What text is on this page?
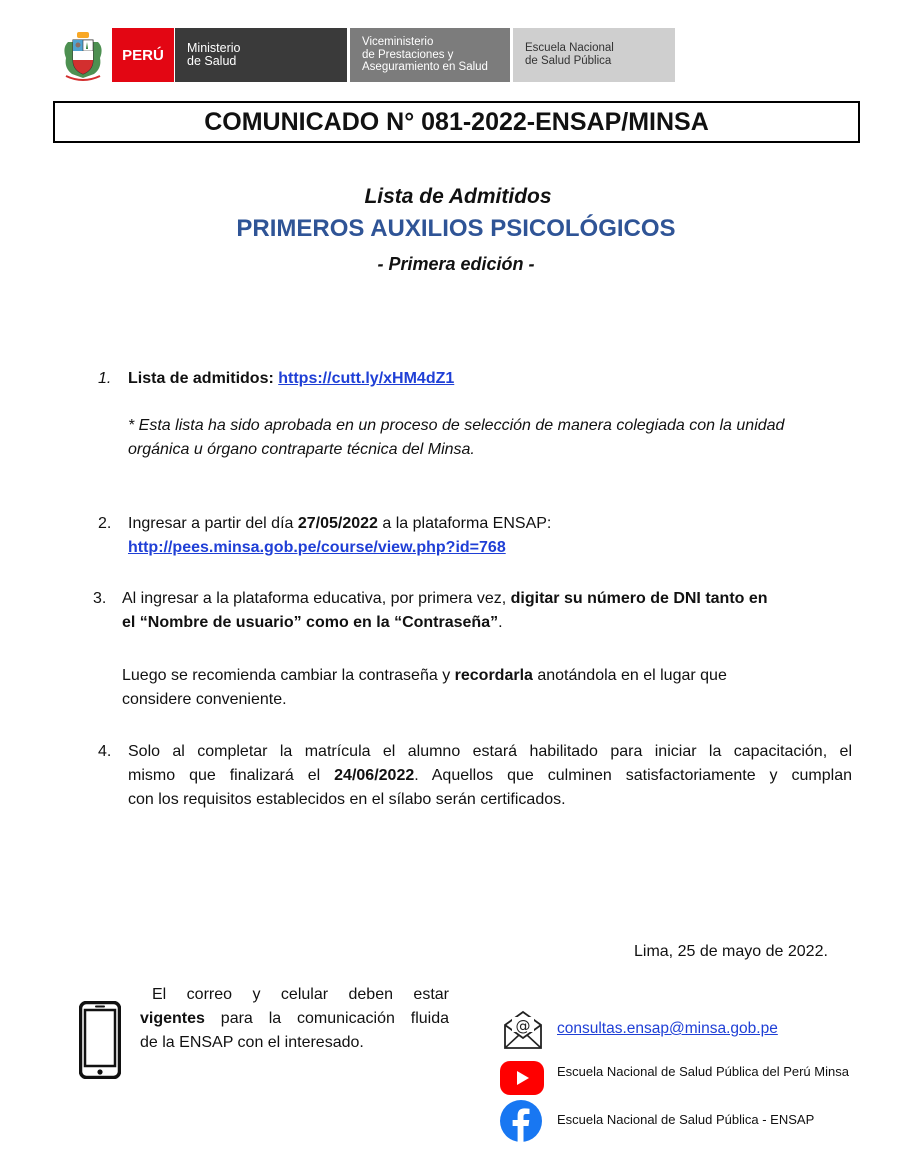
PERÚ	Ministerio
de Salud
Viceministerio
de Prestaciones y
Aseguramiento en Salud
Escuela Nacional
de Salud Pública
COMUNICADO N° 081-2022-ENSAP/MINSA
Lista de Admitidos
PRIMEROS AUXILIOS PSICOLÓGICOS
- Primera edición -
1. Lista de admitidos: https://cutt.ly/xHM4dZ1
* Esta lista ha sido aprobada en un proceso de selección de manera colegiada con la unidad
orgánica u órgano contraparte técnica del Minsa.
2. Ingresar a partir del día 27/05/2022 a la plataforma ENSAP:
http://pees.minsa.gob.pe/course/view.php?id=768
3. Al ingresar a la plataforma educativa, por primera vez, digitar su número de DNI tanto en
el “Nombre de usuario” como en la “Contraseña”.
Luego se recomienda cambiar la contraseña y recordarla anotándola en el lugar que
considere conveniente.
4. Solo al completar la matrícula el alumno estará habilitado para iniciar la capacitación, el
mismo que finalizará el 24/06/2022. Aquellos que culminen satisfactoriamente y cumplan
con los requisitos establecidos en el sílabo serán certificados.
Lima, 25 de mayo de 2022.
El correo y celular deben estar
vigentes para la comunicación fluida
de la ENSAP con el interesado.
@ consultas.ensap@minsa.gob.pe
Escuela Nacional de Salud Pública del Perú Minsa
Escuela Nacional de Salud Pública - ENSAP
